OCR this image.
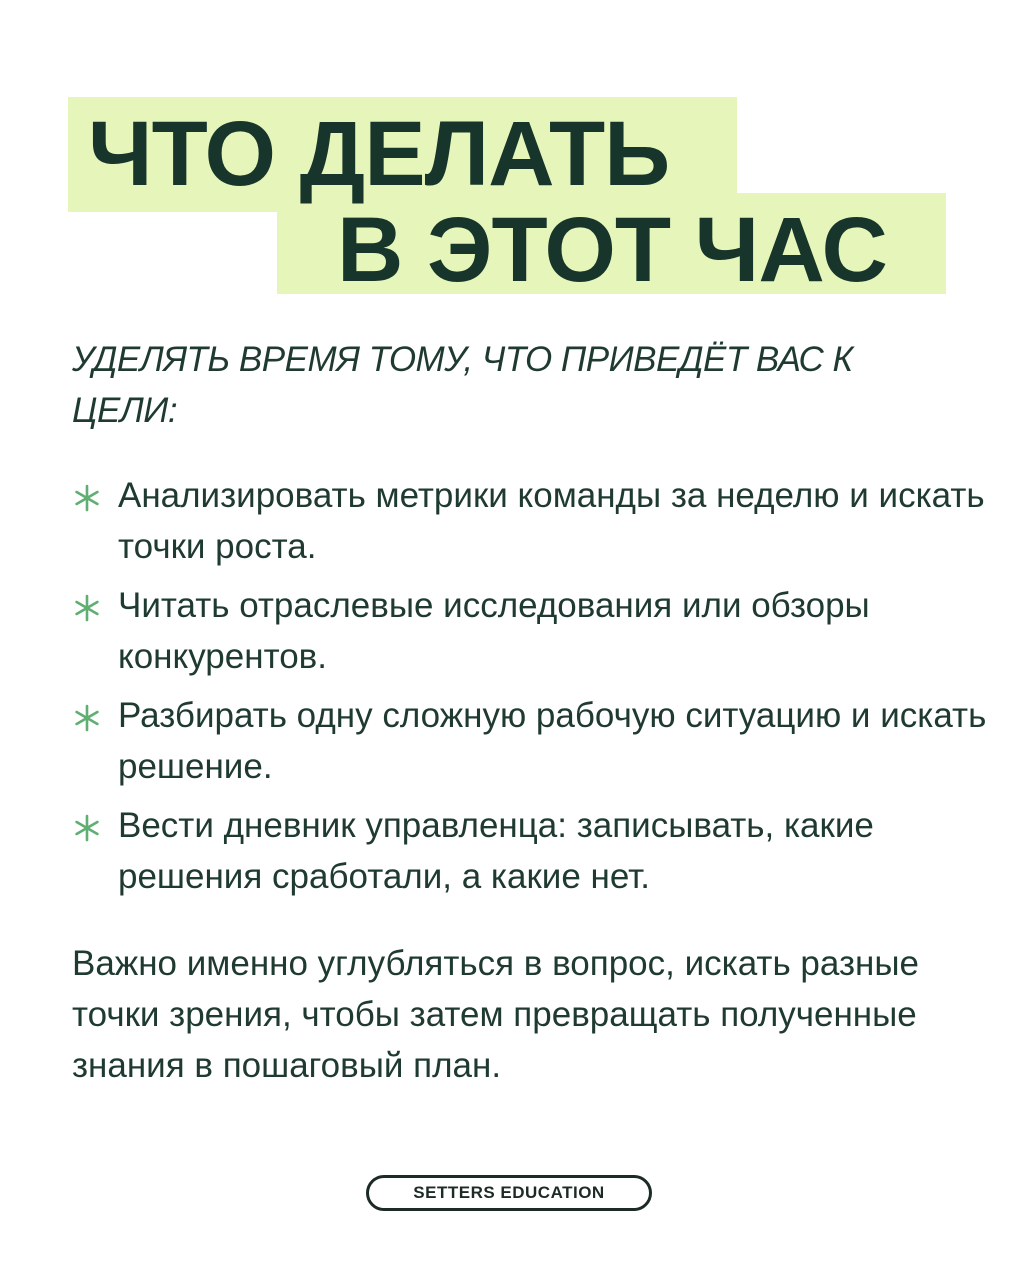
ЧТО ДЕЛАТЬ
В ЭТОТ ЧАС

УДЕЛЯТЬ ВРЕМЯ ТОМУ, ЧТО ПРИВЕДЁТ ВАС К ЦЕЛИ:

Анализировать метрики команды за неделю и искать точки роста.
Читать отраслевые исследования или обзоры конкурентов.
Разбирать одну сложную рабочую ситуацию и искать решение.
Вести дневник управленца: записывать, какие решения сработали, а какие нет.

Важно именно углубляться в вопрос, искать разные точки зрения, чтобы затем превращать полученные знания в пошаговый план.

SETTERS EDUCATION
